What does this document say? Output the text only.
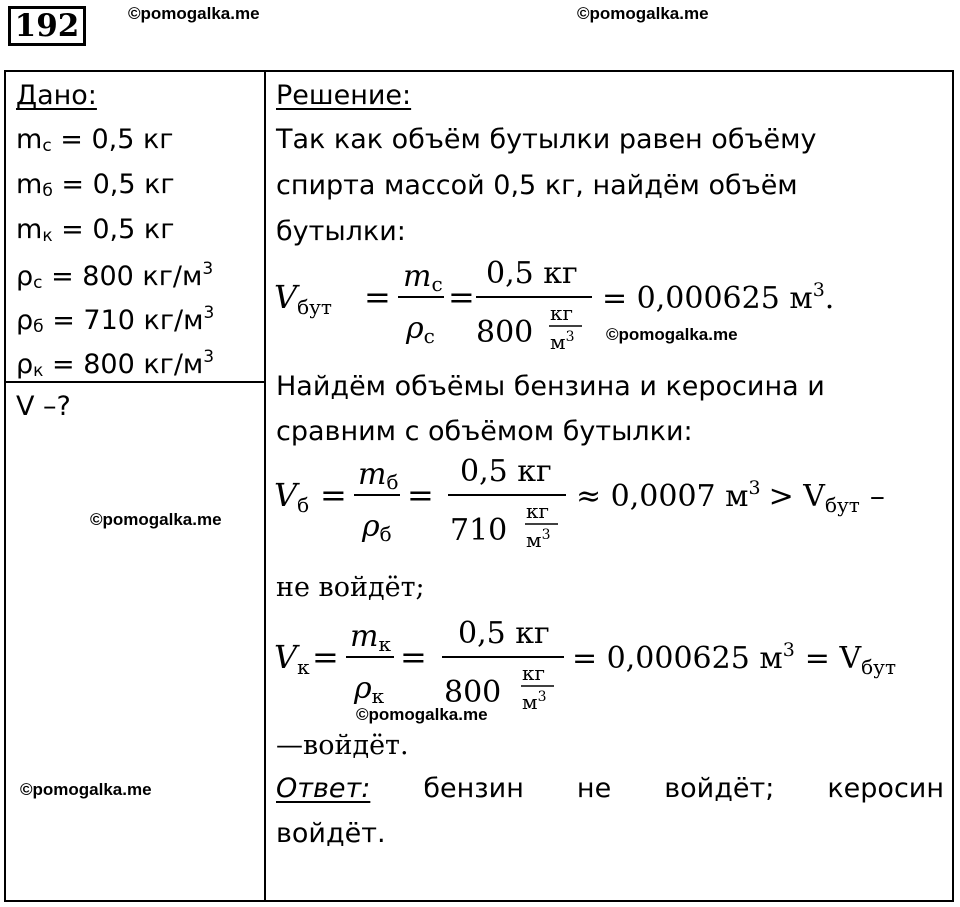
192	©pomogalka.me	©pomogalka.me
Дано:
$m_с = 0,5$ кг
$m_б = 0,5$ кг
$m_к = 0,5$ кг
$\rho_с = 800$ $кг/м^3$
$\rho_б = 710$ $кг/м^3$
$\rho_к = 800$ $кг/м^3$
V –?
©pomogalka.me
©pomogalka.me
Решение:
Так как объём бутылки равен объёму
спирта массой 0,5 кг, найдём объём
бутылки:
Vбут =
mс
ρс
=
0,5 кг
800
кг
$м^3$
= 0,000625 $м^3$.
©pomogalka.me
Найдём объёмы бензина и керосина и
сравним с объёмом бутылки:
Vб =
mб
ρб
=
0,5 кг
710
кг
$м^3$
≈ 0,0007 $м^3 > V_{бут}$ –
не войдёт;
Vк =
mк
ρк
=
0,5 кг
800
кг
$м^3$
= 0,000625 $м^3 = V_{бут}$
©pomogalka.me
—войдёт.
Ответ: бензин не войдёт; керосин
войдёт.
